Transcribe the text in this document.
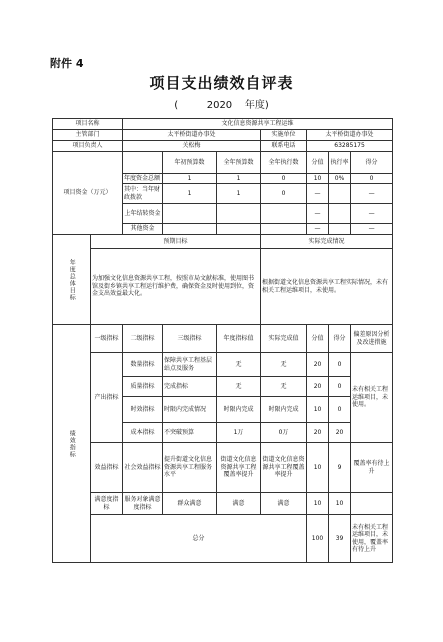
附件 4
项目支出绩效自评表
(	2020 年度)
项目名称		文化信息资源共享工程运维						
主管部门		太平桥街道办事处			实施单位	太平桥街道办事处		
项目负责人		关松梅			联系电话	63285175		
项目资金（万元）			年初预算数	全年预算数	全年执行数	分值	执行率	得分
		年度资金总额	1	1	0	10	0%	0
		其中：当年财政拨款	1	1	0	—		—
		上年结转资金				—		—
		其他资金				—		—

年度总体目标	预期目标				实际完成情况			
	为加强文化信息资源共享工程，按照市局文献标准，使用图书馆及街乡镇共享工程运行维护费，确保资金及时使用到位，资金支出效益最大化。				根据街道文化信息资源共享工程实际情况，未有相关工程运维项目，未使用。			

绩效指标	一级指标	二级指标	三级指标	年度指标值	实际完成值	分值	得分	偏差原因分析及改进措施
	产出指标	数量指标	保障共享工程基层站点及服务	无	无	20	0	未有相关工程运维项目，未使用。
		质量指标	完成指标	无	无	20	0	
		时效指标	时限内完成情况	时限内完成	时限内完成	10	0	
		成本指标	不突破预算	1万	0万	20	20	
	效益指标	社会效益指标	提升街道文化信息资源共享工程服务水平	街道文化信息资源共享工程覆盖率提升	街道文化信息资源共享工程覆盖率提升	10	9	覆盖率有待上升
	满意度指标	服务对象满意度指标	群众满意	满意	满意	10	10	
	总分					100	39	未有相关工程运维项目，未使用，覆盖率有待上升
